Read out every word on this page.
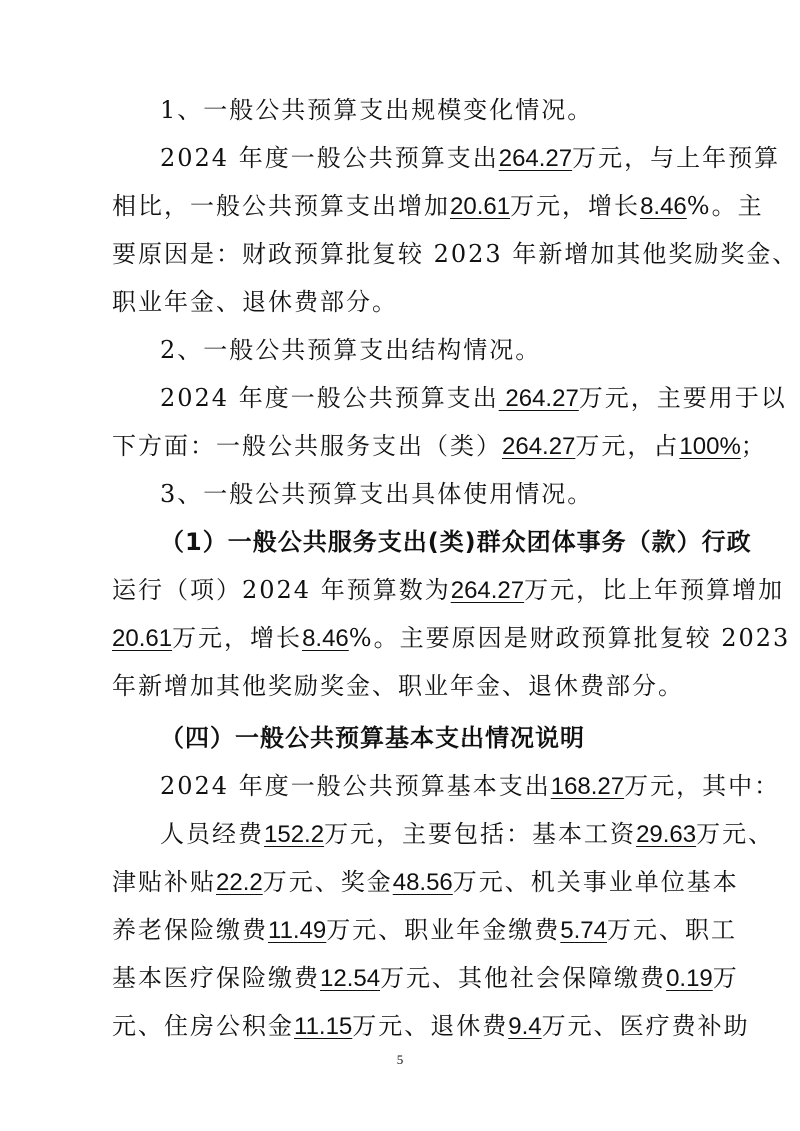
1、一般公共预算支出规模变化情况。
2024 年度一般公共预算支出264.27万元，与上年预算
相比，一般公共预算支出增加20.61万元，增长8.46%。主
要原因是：财政预算批复较 2023 年新增加其他奖励奖金、
职业年金、退休费部分。
2、一般公共预算支出结构情况。
2024 年度一般公共预算支出 264.27万元，主要用于以
下方面：一般公共服务支出（类）264.27万元，占100%；
3、一般公共预算支出具体使用情况。
（1）一般公共服务支出(类)群众团体事务（款）行政
运行（项）2024 年预算数为264.27万元，比上年预算增加
20.61万元，增长8.46%。主要原因是财政预算批复较 2023
年新增加其他奖励奖金、职业年金、退休费部分。
（四）一般公共预算基本支出情况说明
2024 年度一般公共预算基本支出168.27万元，其中：
人员经费152.2万元，主要包括：基本工资29.63万元、
津贴补贴22.2万元、奖金48.56万元、机关事业单位基本
养老保险缴费11.49万元、职业年金缴费5.74万元、职工
基本医疗保险缴费12.54万元、其他社会保障缴费0.19万
元、住房公积金11.15万元、退休费9.4万元、医疗费补助
5
